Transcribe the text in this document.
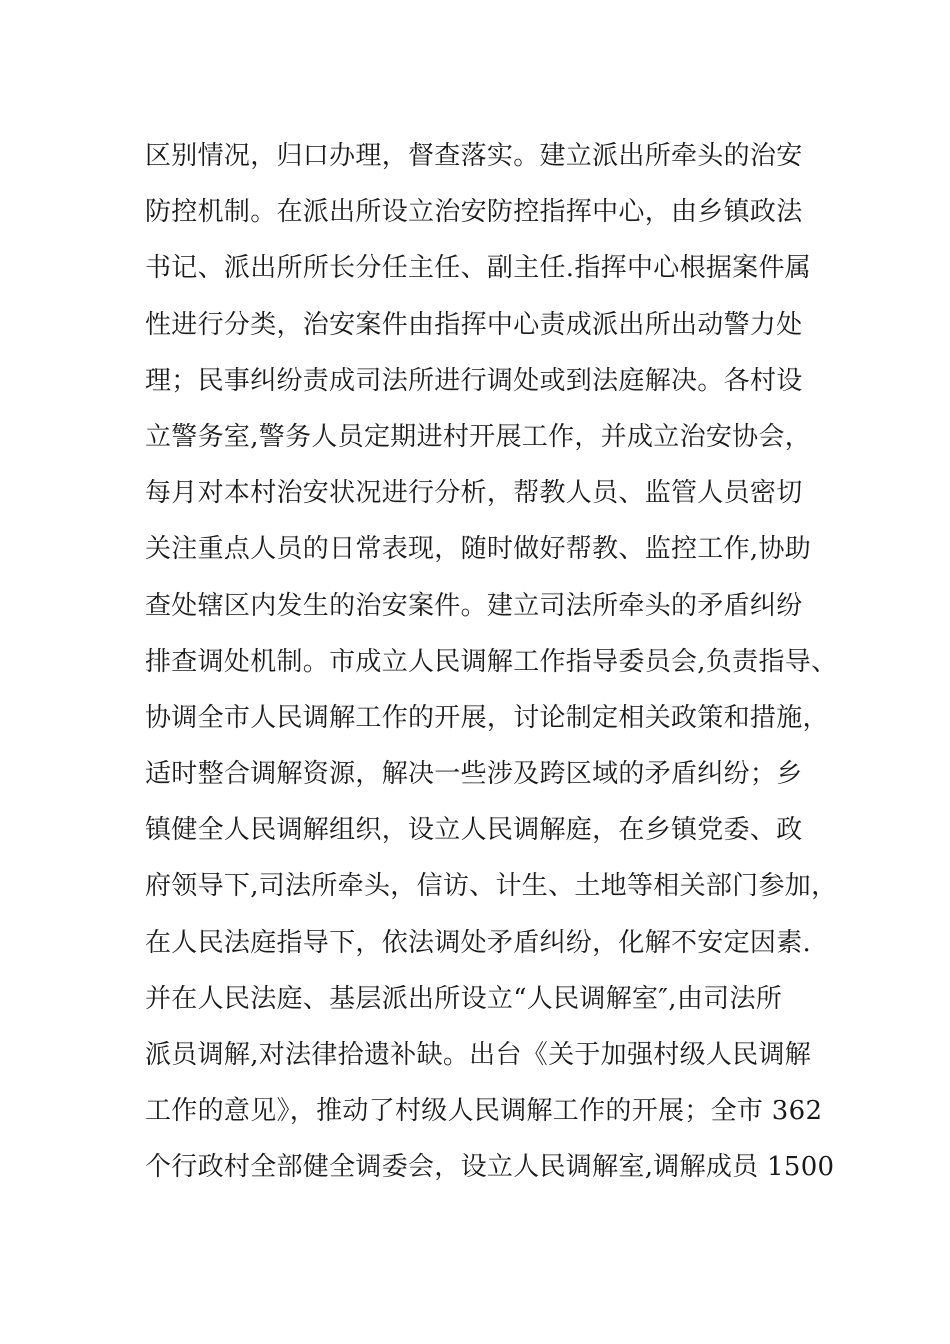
区别情况，归口办理，督查落实。建立派出所牵头的治安
防控机制。在派出所设立治安防控指挥中心，由乡镇政法
书记、派出所所长分任主任、副主任.指挥中心根据案件属
性进行分类，治安案件由指挥中心责成派出所出动警力处
理；民事纠纷责成司法所进行调处或到法庭解决。各村设
立警务室,警务人员定期进村开展工作，并成立治安协会，
每月对本村治安状况进行分析，帮教人员、监管人员密切
关注重点人员的日常表现，随时做好帮教、监控工作,协助
查处辖区内发生的治安案件。建立司法所牵头的矛盾纠纷
排查调处机制。市成立人民调解工作指导委员会,负责指导、
协调全市人民调解工作的开展，讨论制定相关政策和措施，
适时整合调解资源，解决一些涉及跨区域的矛盾纠纷；乡
镇健全人民调解组织，设立人民调解庭，在乡镇党委、政
府领导下,司法所牵头，信访、计生、土地等相关部门参加，
在人民法庭指导下，依法调处矛盾纠纷，化解不安定因素.
并在人民法庭、基层派出所设立“人民调解室″,由司法所
派员调解,对法律拾遗补缺。出台《关于加强村级人民调解
工作的意见》，推动了村级人民调解工作的开展；全市 362
个行政村全部健全调委会，设立人民调解室,调解成员 1500
